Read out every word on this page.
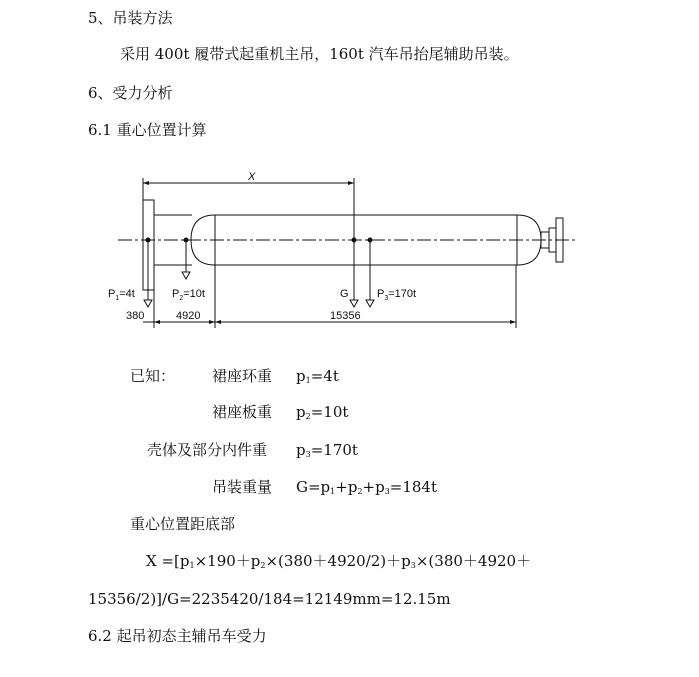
5、吊装方法
采用 400t 履带式起重机主吊，160t 汽车吊抬尾辅助吊装。
6、受力分析
6.1 重心位置计算
X
$P_1=4t$	$P_2=10t$	G	$P_3=170t$
380	4920	15356
已知： 裙座环重 $p_1=4t$
裙座板重 $p_2=10t$
壳体及部分内件重 $p_3=170t$
吊装重量 $G=p_1+p_2+p_3=184t$
重心位置距底部
$X =[p_1\times 190+p_2\times(380+4920/2)+p_3\times(380+4920+$
15356/2)]/G=2235420/184=12149mm=12.15m
6.2 起吊初态主辅吊车受力
